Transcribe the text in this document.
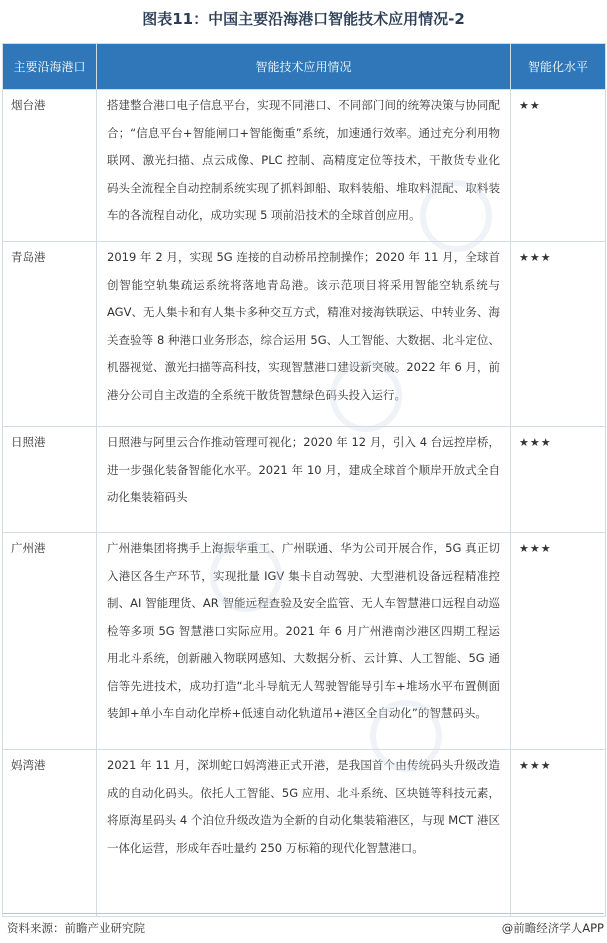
图表11：中国主要沿海港口智能技术应用情况-2
主要沿海港口	智能技术应用情况	智能化水平
烟台港	搭建整合港口电子信息平台，实现不同港口、不同部门间的统筹决策与协同配合；“信息平台+智能闸口+智能衡重”系统，加速通行效率。通过充分利用物联网、激光扫描、点云成像、PLC 控制、高精度定位等技术，干散货专业化码头全流程全自动控制系统实现了抓料卸船、取料装船、堆取料混配、取料装车的各流程自动化，成功实现 5 项前沿技术的全球首创应用。	★★
青岛港	2019 年 2 月，实现 5G 连接的自动桥吊控制操作；2020 年 11 月，全球首创智能空轨集疏运系统将落地青岛港。该示范项目将采用智能空轨系统与 AGV、无人集卡和有人集卡多种交互方式，精准对接海铁联运、中转业务、海关查验等 8 种港口业务形态，综合运用 5G、人工智能、大数据、北斗定位、机器视觉、激光扫描等高科技，实现智慧港口建设新突破。2022 年 6 月，前港分公司自主改造的全系统干散货智慧绿色码头投入运行。	★★★
日照港	日照港与阿里云合作推动管理可视化；2020 年 12 月，引入 4 台远控岸桥，进一步强化装备智能化水平。2021 年 10 月，建成全球首个顺岸开放式全自动化集装箱码头	★★★
广州港	广州港集团将携手上海振华重工、广州联通、华为公司开展合作，5G 真正切入港区各生产环节，实现批量 IGV 集卡自动驾驶、大型港机设备远程精准控制、AI 智能理货、AR 智能远程查验及安全监管、无人车智慧港口远程自动巡检等多项 5G 智慧港口实际应用。2021 年 6 月广州港南沙港区四期工程运用北斗系统，创新融入物联网感知、大数据分析、云计算、人工智能、5G 通信等先进技术，成功打造“北斗导航无人驾驶智能导引车+堆场水平布置侧面装卸+单小车自动化岸桥+低速自动化轨道吊+港区全自动化”的智慧码头。	★★★
妈湾港	2021 年 11 月，深圳蛇口妈湾港正式开港，是我国首个由传统码头升级改造成的自动化码头。依托人工智能、5G 应用、北斗系统、区块链等科技元素，将原海星码头 4 个泊位升级改造为全新的自动化集装箱港区，与现 MCT 港区一体化运营，形成年吞吐量约 250 万标箱的现代化智慧港口。	★★★
资料来源：前瞻产业研究院	@前瞻经济学人APP
